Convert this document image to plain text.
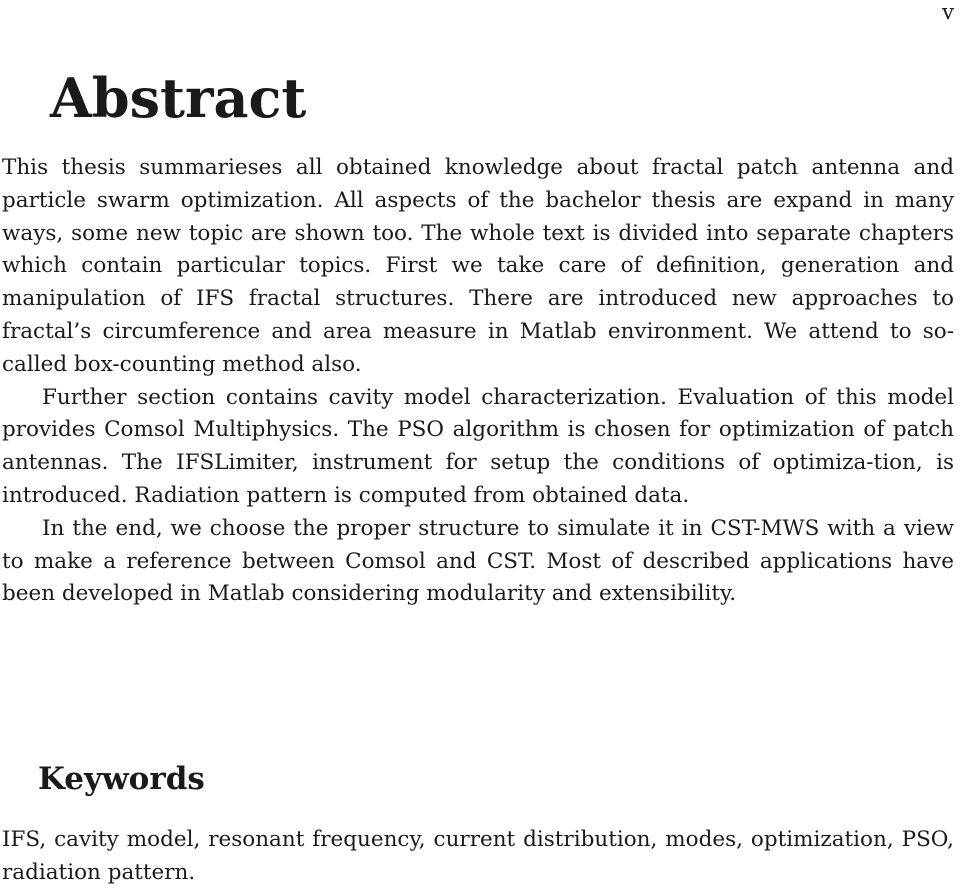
v
Abstract

This thesis summarieses all obtained knowledge about fractal patch antenna and particle swarm optimization. All aspects of the bachelor thesis are expand in many ways, some new topic are shown too. The whole text is divided into separate chapters which contain particular topics. First we take care of definition, generation and manipulation of IFS fractal structures. There are introduced new approaches to fractal’s circumference and area measure in Matlab environment. We attend to so-called box-counting method also.

Further section contains cavity model characterization. Evaluation of this model provides Comsol Multiphysics. The PSO algorithm is chosen for optimization of patch antennas. The IFSLimiter, instrument for setup the conditions of optimiza-tion, is introduced. Radiation pattern is computed from obtained data.

In the end, we choose the proper structure to simulate it in CST-MWS with a view to make a reference between Comsol and CST. Most of described applications have been developed in Matlab considering modularity and extensibility.

Keywords

IFS, cavity model, resonant frequency, current distribution, modes, optimization, PSO, radiation pattern.
